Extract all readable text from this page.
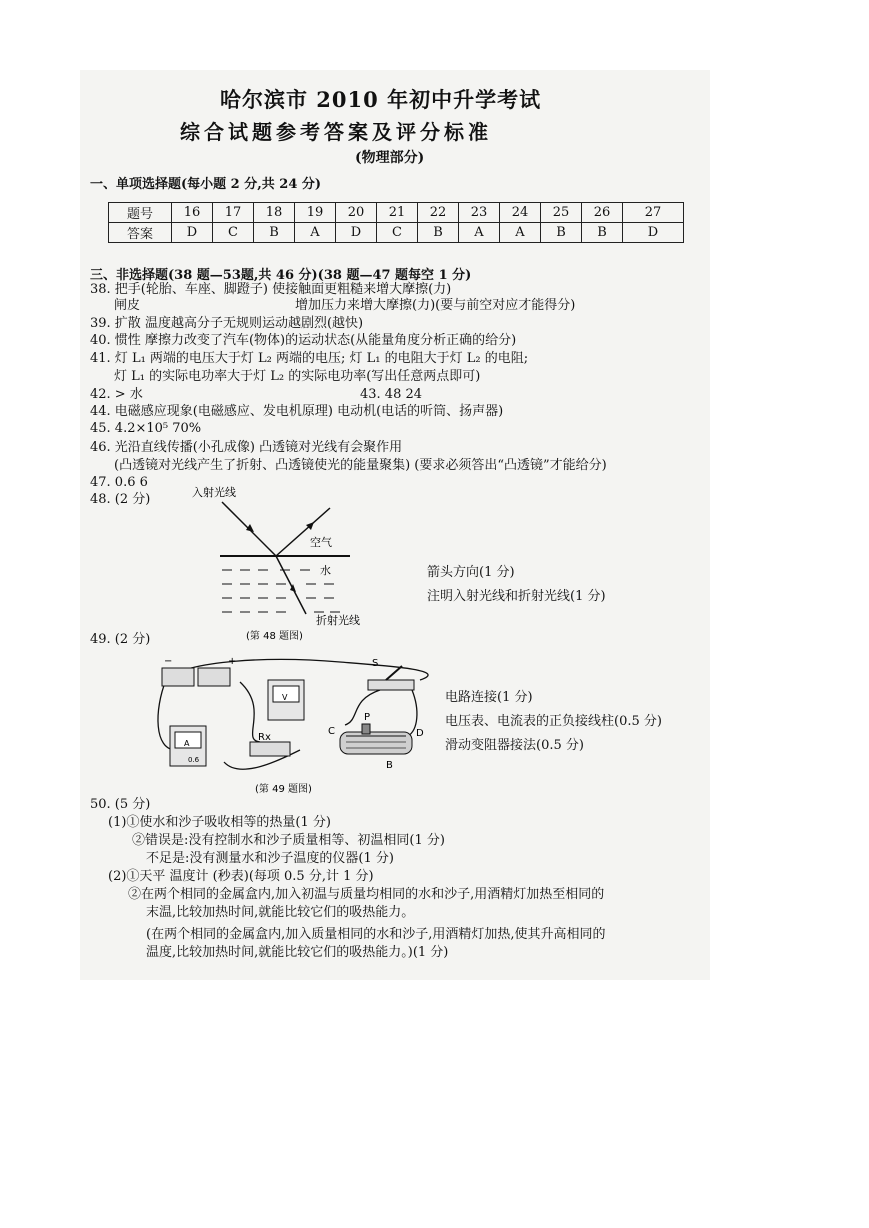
哈尔滨市 2010 年初中升学考试
综合试题参考答案及评分标准
(物理部分)
一、单项选择题(每小题 2 分,共 24 分)
题号	16	17	18	19	20	21	22	23	24	25	26	27
答案	D	C	B	A	D	C	B	A	A	B	B	D
三、非选择题(38 题—53题,共 46 分)(38 题—47 题每空 1 分)
38. 把手(轮胎、车座、脚蹬子) 使接触面更粗糙来增大摩擦(力)
闸皮	增加压力来增大摩擦(力)(要与前空对应才能得分)
39. 扩散 温度越高分子无规则运动越剧烈(越快)
40. 惯性 摩擦力改变了汽车(物体)的运动状态(从能量角度分析正确的给分)
41. 灯 L₁ 两端的电压大于灯 L₂ 两端的电压; 灯 L₁ 的电阻大于灯 L₂ 的电阻;
灯 L₁ 的实际电功率大于灯 L₂ 的实际电功率(写出任意两点即可)
42. > 水	43. 48 24
44. 电磁感应现象(电磁感应、发电机原理) 电动机(电话的听筒、扬声器)
45. 4.2×10⁵ 70%
46. 光沿直线传播(小孔成像) 凸透镜对光线有会聚作用
(凸透镜对光线产生了折射、凸透镜使光的能量聚集) (要求必须答出“凸透镜”才能给分)
47. 0.6 6
48. (2 分)	入射光线
空气
水
折射光线
(第 48 题图)
箭头方向(1 分)
注明入射光线和折射光线(1 分)
49. (2 分)
−	+
A
0.6
V
Rx
S
P
C	D
B
(第 49 题图)
电路连接(1 分)
电压表、电流表的正负接线柱(0.5 分)
滑动变阻器接法(0.5 分)
50. (5 分)
(1)①使水和沙子吸收相等的热量(1 分)
②错误是:没有控制水和沙子质量相等、初温相同(1 分)
不足是:没有测量水和沙子温度的仪器(1 分)
(2)①天平 温度计 (秒表)(每项 0.5 分,计 1 分)
②在两个相同的金属盒内,加入初温与质量均相同的水和沙子,用酒精灯加热至相同的
末温,比较加热时间,就能比较它们的吸热能力。
(在两个相同的金属盒内,加入质量相同的水和沙子,用酒精灯加热,使其升高相同的
温度,比较加热时间,就能比较它们的吸热能力。)(1 分)
